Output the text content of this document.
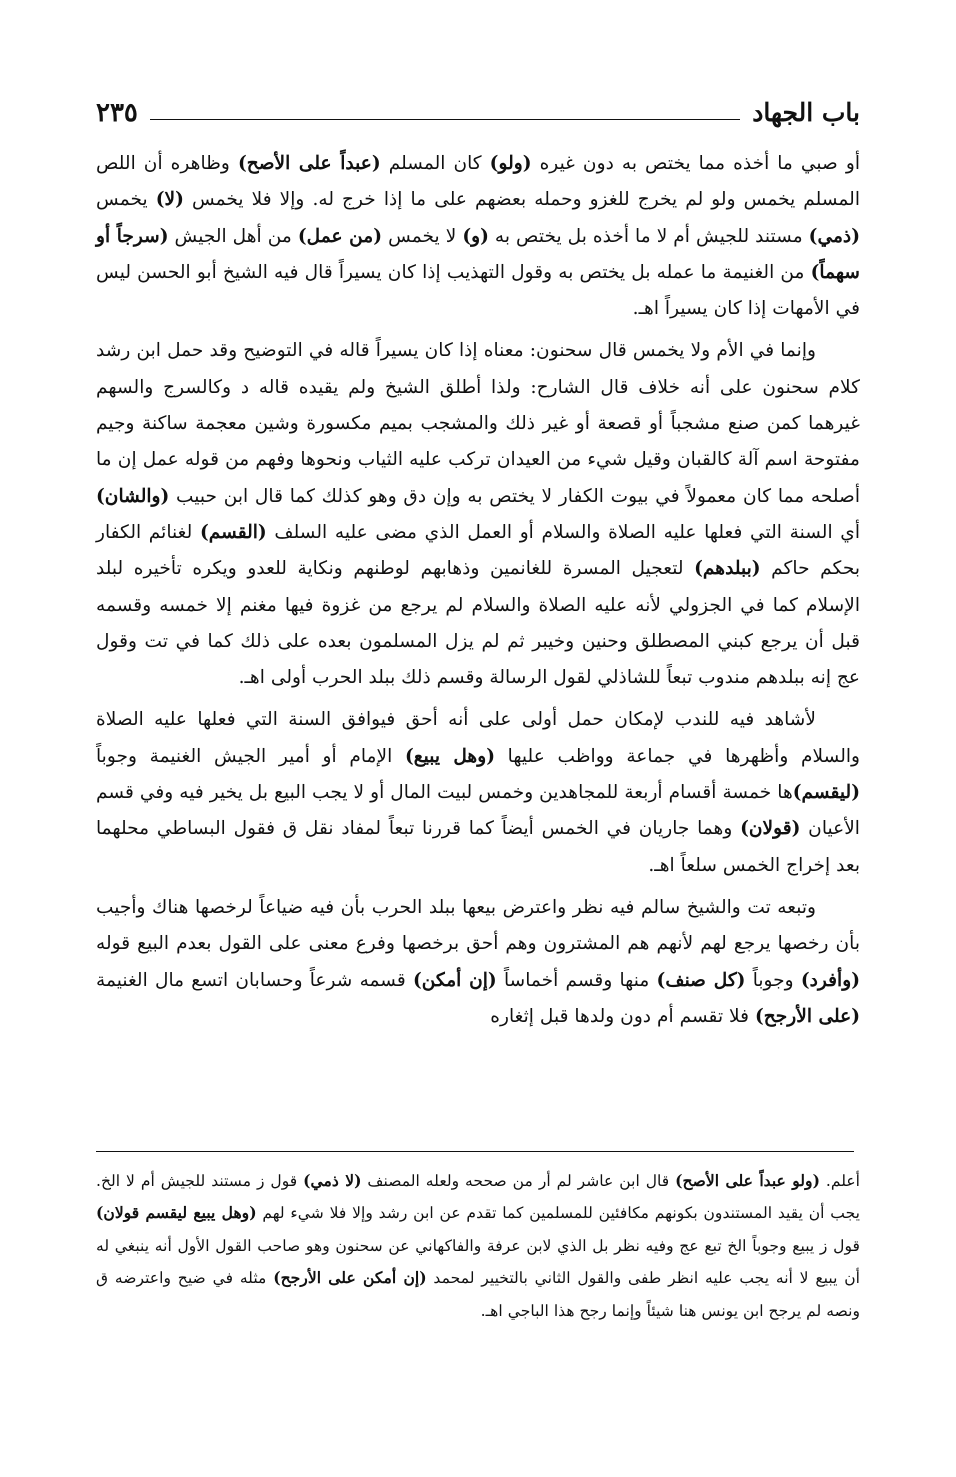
باب الجهاد
٢٣٥

أو صبي ما أخذه مما يختص به دون غيره (ولو) كان المسلم (عبداً على الأصح) وظاهره أن اللص المسلم يخمس ولو لم يخرج للغزو وحمله بعضهم على ما إذا خرج له. وإلا فلا يخمس (لا) يخمس (ذمي) مستند للجيش أم لا ما أخذه بل يختص به (و) لا يخمس (من عمل) من أهل الجيش (سرجاً أو سهماً) من الغنيمة ما عمله بل يختص به وقول التهذيب إذا كان يسيراً قال فيه الشيخ أبو الحسن ليس في الأمهات إذا كان يسيراً اهـ.

وإنما في الأم ولا يخمس قال سحنون: معناه إذا كان يسيراً قاله في التوضيح وقد حمل ابن رشد كلام سحنون على أنه خلاف قال الشارح: ولذا أطلق الشيخ ولم يقيده قاله د وكالسرج والسهم غيرهما كمن صنع مشجباً أو قصعة أو غير ذلك والمشجب بميم مكسورة وشين معجمة ساكنة وجيم مفتوحة اسم آلة كالقبان وقيل شيء من العيدان تركب عليه الثياب ونحوها وفهم من قوله عمل إن ما أصلحه مما كان معمولاً في بيوت الكفار لا يختص به وإن دق وهو كذلك كما قال ابن حبيب (والشان) أي السنة التي فعلها عليه الصلاة والسلام أو العمل الذي مضى عليه السلف (القسم) لغنائم الكفار بحكم حاكم (ببلدهم) لتعجيل المسرة للغانمين وذهابهم لوطنهم ونكاية للعدو ويكره تأخيره لبلد الإسلام كما في الجزولي لأنه عليه الصلاة والسلام لم يرجع من غزوة فيها مغنم إلا خمسه وقسمه قبل أن يرجع كبني المصطلق وحنين وخيبر ثم لم يزل المسلمون بعده على ذلك كما في تت وقول عج إنه ببلدهم مندوب تبعاً للشاذلي لقول الرسالة وقسم ذلك ببلد الحرب أولى اهـ.

لأشاهد فيه للندب لإمكان حمل أولى على أنه أحق فيوافق السنة التي فعلها عليه الصلاة والسلام وأظهرها في جماعة وواظب عليها (وهل يبيع) الإمام أو أمير الجيش الغنيمة وجوباً (ليقسم)ها خمسة أقسام أربعة للمجاهدين وخمس لبيت المال أو لا يجب البيع بل يخير فيه وفي قسم الأعيان (قولان) وهما جاريان في الخمس أيضاً كما قررنا تبعاً لمفاد نقل ق فقول البساطي محلهما بعد إخراج الخمس سلعاً اهـ.

وتبعه تت والشيخ سالم فيه نظر واعترض بيعها ببلد الحرب بأن فيه ضياعاً لرخصها هناك وأجيب بأن رخصها يرجع لهم لأنهم هم المشترون وهم أحق برخصها وفرع معنى على القول بعدم البيع قوله (وأفرد) وجوباً (كل صنف) منها وقسم أخماساً (إن أمكن) قسمه شرعاً وحسابان اتسع مال الغنيمة (على الأرجح) فلا تقسم أم دون ولدها قبل إثغاره

أعلم. (ولو عبداً على الأصح) قال ابن عاشر لم أر من صححه ولعله المصنف (لا ذمي) قول ز مستند للجيش أم لا الخ. يجب أن يقيد المستندون بكونهم مكافئين للمسلمين كما تقدم عن ابن رشد وإلا فلا شيء لهم (وهل يبيع ليقسم قولان) قول ز يبيع وجوباً الخ تبع عج وفيه نظر بل الذي لابن عرفة والفاكهاني عن سحنون وهو صاحب القول الأول أنه ينبغي له أن يبيع لا أنه يجب عليه انظر طفى والقول الثاني بالتخيير لمحمد (إن أمكن على الأرجح) مثله في ضيح واعترضه ق ونصه لم يرجح ابن يونس هنا شيئاً وإنما رجح هذا الباجي اهـ.
